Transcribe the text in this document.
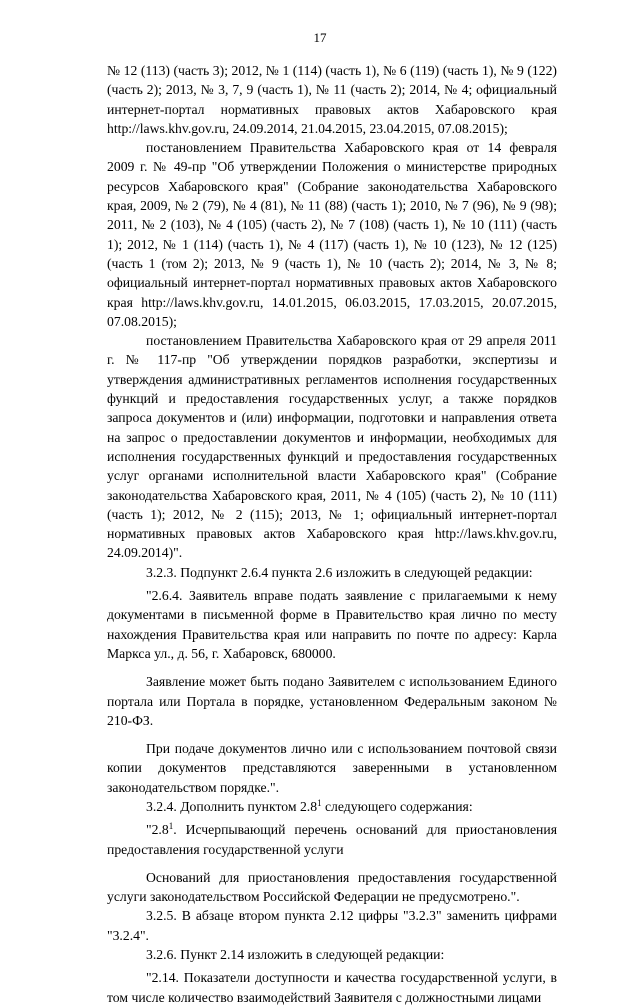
17

№ 12 (113) (часть 3); 2012, № 1 (114) (часть 1), № 6 (119) (часть 1), № 9 (122) (часть 2); 2013, № 3, 7, 9 (часть 1), № 11 (часть 2); 2014, № 4; официальный интернет-портал нормативных правовых актов Хабаровского края http://laws.khv.gov.ru, 24.09.2014, 21.04.2015, 23.04.2015, 07.08.2015);

постановлением Правительства Хабаровского края от 14 февраля 2009 г. № 49-пр "Об утверждении Положения о министерстве природных ресурсов Хабаровского края" (Собрание законодательства Хабаровского края, 2009, № 2 (79), № 4 (81), № 11 (88) (часть 1); 2010, № 7 (96), № 9 (98); 2011, № 2 (103), № 4 (105) (часть 2), № 7 (108) (часть 1), № 10 (111) (часть 1); 2012, № 1 (114) (часть 1), № 4 (117) (часть 1), № 10 (123), № 12 (125) (часть 1 (том 2); 2013, № 9 (часть 1), № 10 (часть 2); 2014, № 3, № 8; официальный интернет-портал нормативных правовых актов Хабаровского края http://laws.khv.gov.ru, 14.01.2015, 06.03.2015, 17.03.2015, 20.07.2015, 07.08.2015);

постановлением Правительства Хабаровского края от 29 апреля 2011 г. № 117-пр "Об утверждении порядков разработки, экспертизы и утверждения административных регламентов исполнения государственных функций и предоставления государственных услуг, а также порядков запроса документов и (или) информации, подготовки и направления ответа на запрос о предоставлении документов и информации, необходимых для исполнения государственных функций и предоставления государственных услуг органами исполнительной власти Хабаровского края" (Собрание законодательства Хабаровского края, 2011, № 4 (105) (часть 2), № 10 (111) (часть 1); 2012, № 2 (115); 2013, № 1; официальный интернет-портал нормативных правовых актов Хабаровского края http://laws.khv.gov.ru, 24.09.2014)".

3.2.3. Подпункт 2.6.4 пункта 2.6 изложить в следующей редакции:

"2.6.4. Заявитель вправе подать заявление с прилагаемыми к нему документами в письменной форме в Правительство края лично по месту нахождения Правительства края или направить по почте по адресу: Карла Маркса ул., д. 56, г. Хабаровск, 680000.

Заявление может быть подано Заявителем с использованием Единого портала или Портала в порядке, установленном Федеральным законом № 210-ФЗ.

При подаче документов лично или с использованием почтовой связи копии документов представляются заверенными в установленном законодательством порядке.".

3.2.4. Дополнить пунктом $2.8^1$ следующего содержания:

"$2.8^1$. Исчерпывающий перечень оснований для приостановления предоставления государственной услуги

Оснований для приостановления предоставления государственной услуги законодательством Российской Федерации не предусмотрено.".

3.2.5. В абзаце втором пункта 2.12 цифры "3.2.3" заменить цифрами "3.2.4".

3.2.6. Пункт 2.14 изложить в следующей редакции:

"2.14. Показатели доступности и качества государственной услуги, в том числе количество взаимодействий Заявителя с должностными лицами
